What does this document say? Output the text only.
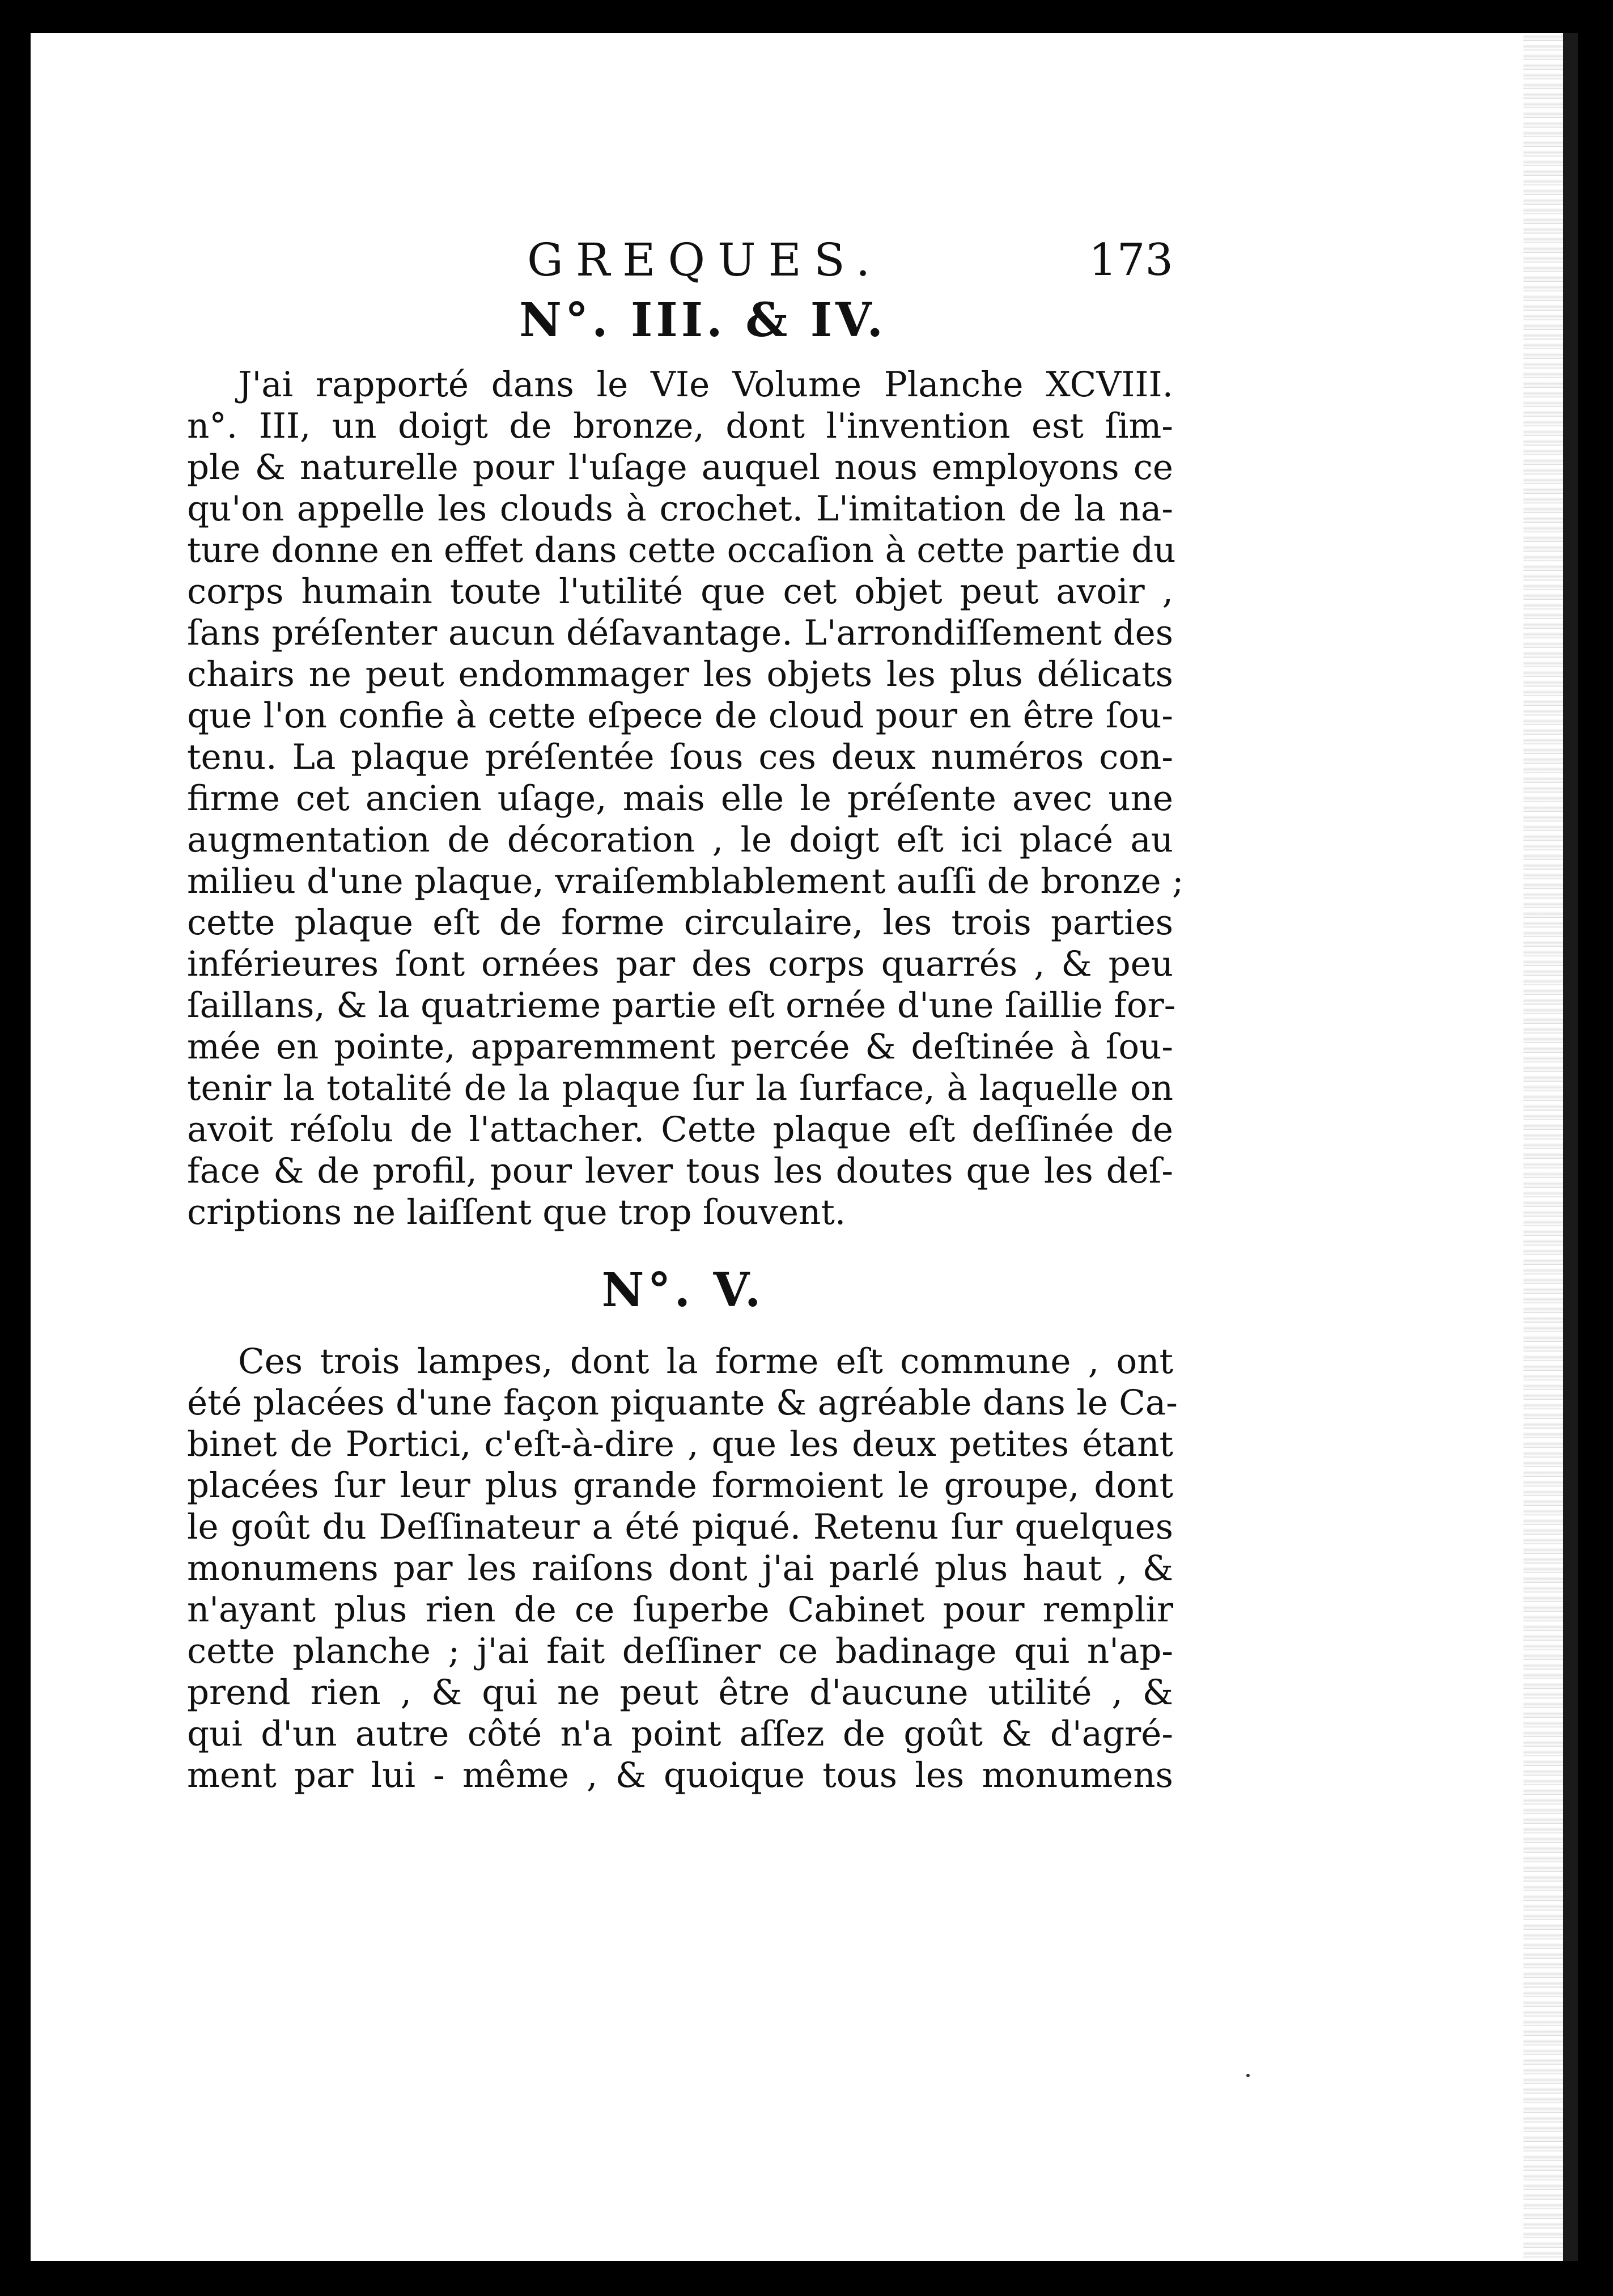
GREQUES.	173
N°. III. & IV.
J'ai rapporté dans le VIe Volume Planche XCVIII.
n°. III, un doigt de bronze, dont l'invention est ſim-
ple & naturelle pour l'uſage auquel nous employons ce
qu'on appelle les clouds à crochet. L'imitation de la na-
ture donne en effet dans cette occaſion à cette partie du
corps humain toute l'utilité que cet objet peut avoir ,
ſans préſenter aucun déſavantage. L'arrondiſſement des
chairs ne peut endommager les objets les plus délicats
que l'on confie à cette eſpece de cloud pour en être ſou-
tenu. La plaque préſentée ſous ces deux numéros con-
firme cet ancien uſage, mais elle le préſente avec une
augmentation de décoration , le doigt eſt ici placé au
milieu d'une plaque, vraiſemblablement auſſi de bronze ;
cette plaque eſt de forme circulaire, les trois parties
inférieures ſont ornées par des corps quarrés , & peu
ſaillans, & la quatrieme partie eſt ornée d'une ſaillie for-
mée en pointe, apparemment percée & deſtinée à ſou-
tenir la totalité de la plaque ſur la ſurface, à laquelle on
avoit réſolu de l'attacher. Cette plaque eſt deſſinée de
face & de profil, pour lever tous les doutes que les deſ-
criptions ne laiſſent que trop ſouvent.
N°. V.
Ces trois lampes, dont la forme eſt commune , ont
été placées d'une façon piquante & agréable dans le Ca-
binet de Portici, c'eſt-à-dire , que les deux petites étant
placées ſur leur plus grande formoient le groupe, dont
le goût du Deſſinateur a été piqué. Retenu ſur quelques
monumens par les raiſons dont j'ai parlé plus haut , &
n'ayant plus rien de ce ſuperbe Cabinet pour remplir
cette planche ; j'ai fait deſſiner ce badinage qui n'ap-
prend rien , & qui ne peut être d'aucune utilité , &
qui d'un autre côté n'a point aſſez de goût & d'agré-
ment par lui - même , & quoique tous les monumens
